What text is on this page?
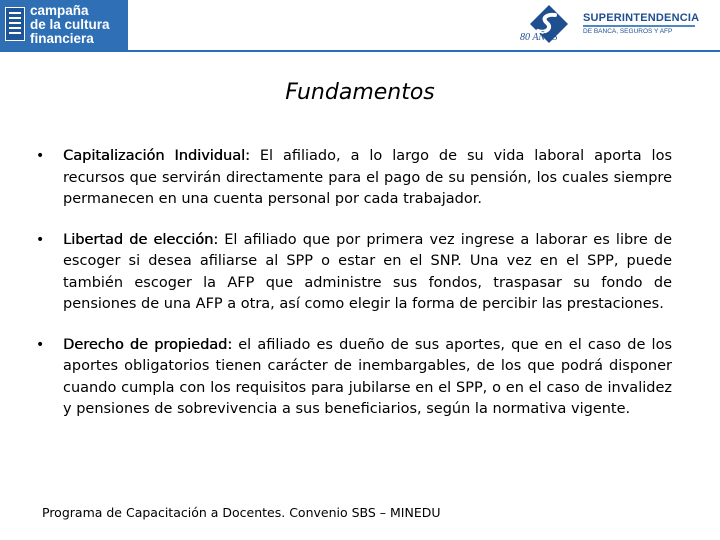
campaña
de la cultura
financiera	80 AÑOS
SUPERINTENDENCIA
DE BANCA, SEGUROS Y AFP
Fundamentos
• Capitalización Individual: El afiliado, a lo largo de su vida laboral aporta los recursos que servirán directamente para el pago de su pensión, los cuales siempre permanecen en una cuenta personal por cada trabajador.
• Libertad de elección: El afiliado que por primera vez ingrese a laborar es libre de escoger si desea afiliarse al SPP o estar en el SNP. Una vez en el SPP, puede también escoger la AFP que administre sus fondos, traspasar su fondo de pensiones de una AFP a otra, así como elegir la forma de percibir las prestaciones.
• Derecho de propiedad: el afiliado es dueño de sus aportes, que en el caso de los aportes obligatorios tienen carácter de inembargables, de los que podrá disponer cuando cumpla con los requisitos para jubilarse en el SPP, o en el caso de invalidez y pensiones de sobrevivencia a sus beneficiarios, según la normativa vigente.
Programa de Capacitación a Docentes. Convenio SBS – MINEDU
